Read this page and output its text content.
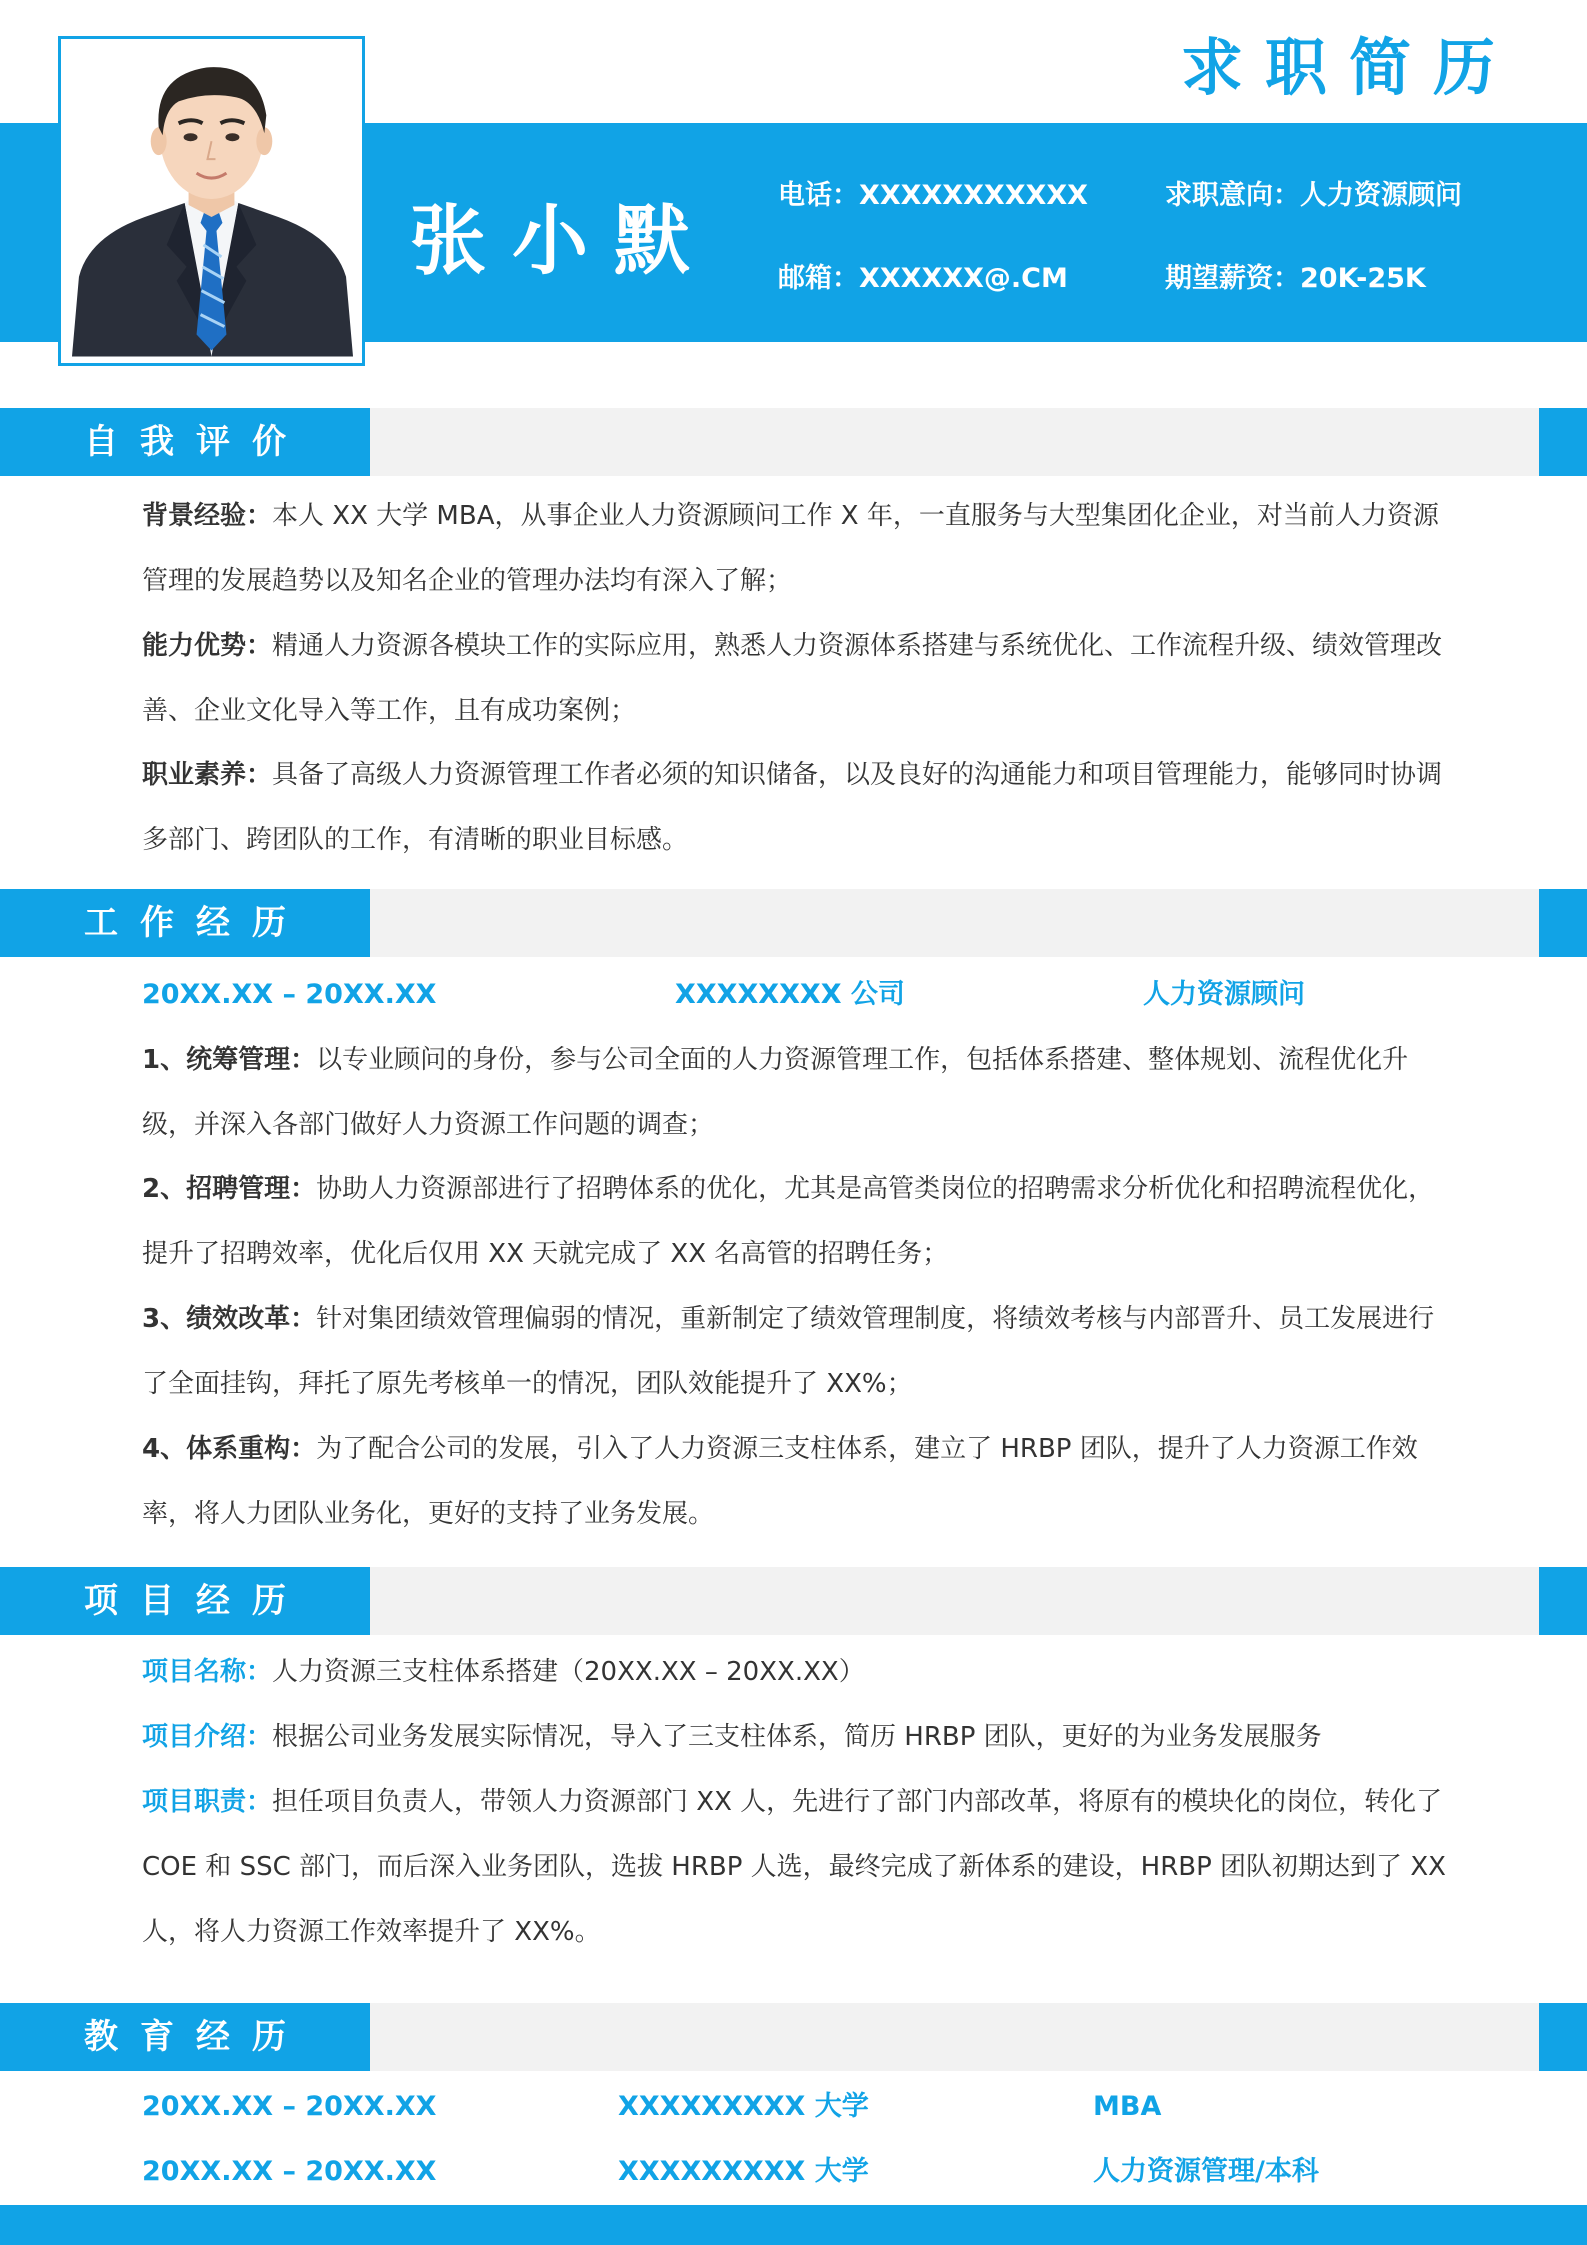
求职简历
张小默
电话：XXXXXXXXXXX
邮箱：XXXXXX@.CM
求职意向：人力资源顾问
期望薪资：20K-25K
自我评价
背景经验：本人 XX 大学 MBA，从事企业人力资源顾问工作 X 年，一直服务与大型集团化企业，对当前人力资源管理的发展趋势以及知名企业的管理办法均有深入了解；
能力优势：精通人力资源各模块工作的实际应用，熟悉人力资源体系搭建与系统优化、工作流程升级、绩效管理改善、企业文化导入等工作，且有成功案例；
职业素养：具备了高级人力资源管理工作者必须的知识储备，以及良好的沟通能力和项目管理能力，能够同时协调多部门、跨团队的工作，有清晰的职业目标感。
工作经历
20XX.XX – 20XX.XX	XXXXXXXX 公司	人力资源顾问
1、统筹管理：以专业顾问的身份，参与公司全面的人力资源管理工作，包括体系搭建、整体规划、流程优化升级，并深入各部门做好人力资源工作问题的调查；
2、招聘管理：协助人力资源部进行了招聘体系的优化，尤其是高管类岗位的招聘需求分析优化和招聘流程优化，提升了招聘效率，优化后仅用 XX 天就完成了 XX 名高管的招聘任务；
3、绩效改革：针对集团绩效管理偏弱的情况，重新制定了绩效管理制度，将绩效考核与内部晋升、员工发展进行了全面挂钩，拜托了原先考核单一的情况，团队效能提升了 XX%；
4、体系重构：为了配合公司的发展，引入了人力资源三支柱体系，建立了 HRBP 团队，提升了人力资源工作效率，将人力团队业务化，更好的支持了业务发展。
项目经历
项目名称：人力资源三支柱体系搭建（20XX.XX – 20XX.XX）
项目介绍：根据公司业务发展实际情况，导入了三支柱体系，简历 HRBP 团队，更好的为业务发展服务
项目职责：担任项目负责人，带领人力资源部门 XX 人，先进行了部门内部改革，将原有的模块化的岗位，转化了 COE 和 SSC 部门，而后深入业务团队，选拔 HRBP 人选，最终完成了新体系的建设，HRBP 团队初期达到了 XX 人，将人力资源工作效率提升了 XX%。
教育经历
20XX.XX – 20XX.XX	XXXXXXXXX 大学	MBA
20XX.XX – 20XX.XX	XXXXXXXXX 大学	人力资源管理/本科
